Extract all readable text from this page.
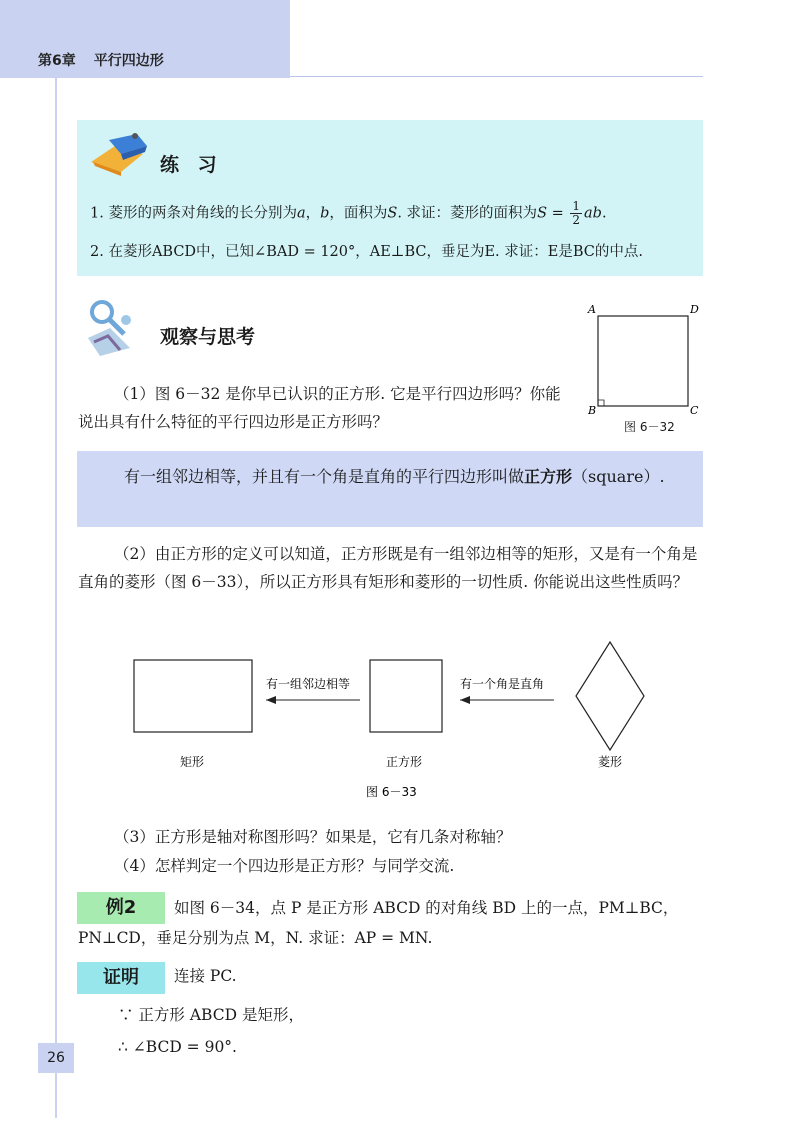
第6章 平行四边形
练 习
1. 菱形的两条对角线的长分别为a，b，面积为S. 求证：菱形的面积为$S = \frac{1}{2}$ ab.
2. 在菱形ABCD中，已知∠BAD = 120°，AE⊥BC，垂足为E. 求证：E是BC的中点.
观察与思考
（1）图 6－32 是你早已认识的正方形. 它是平行四边形吗？你能说出具有什么特征的平行四边形是正方形吗？
A	D
B	C
图 6－32
有一组邻边相等，并且有一个角是直角的平行四边形叫做正方形（square）.
（2）由正方形的定义可以知道，正方形既是有一组邻边相等的矩形，又是有一个角是直角的菱形（图 6－33），所以正方形具有矩形和菱形的一切性质. 你能说出这些性质吗？
有一组邻边相等	有一个角是直角
矩形	正方形	菱形
图 6－33
（3）正方形是轴对称图形吗？如果是，它有几条对称轴？
（4）怎样判定一个四边形是正方形？与同学交流.
例2	如图 6－34，点 P 是正方形 ABCD 的对角线 BD 上的一点，PM⊥BC，
PN⊥CD，垂足分别为点 M，N. 求证：AP = MN.
证明	连接 PC.
∵ 正方形 ABCD 是矩形，
∴ ∠BCD = 90°.
26
